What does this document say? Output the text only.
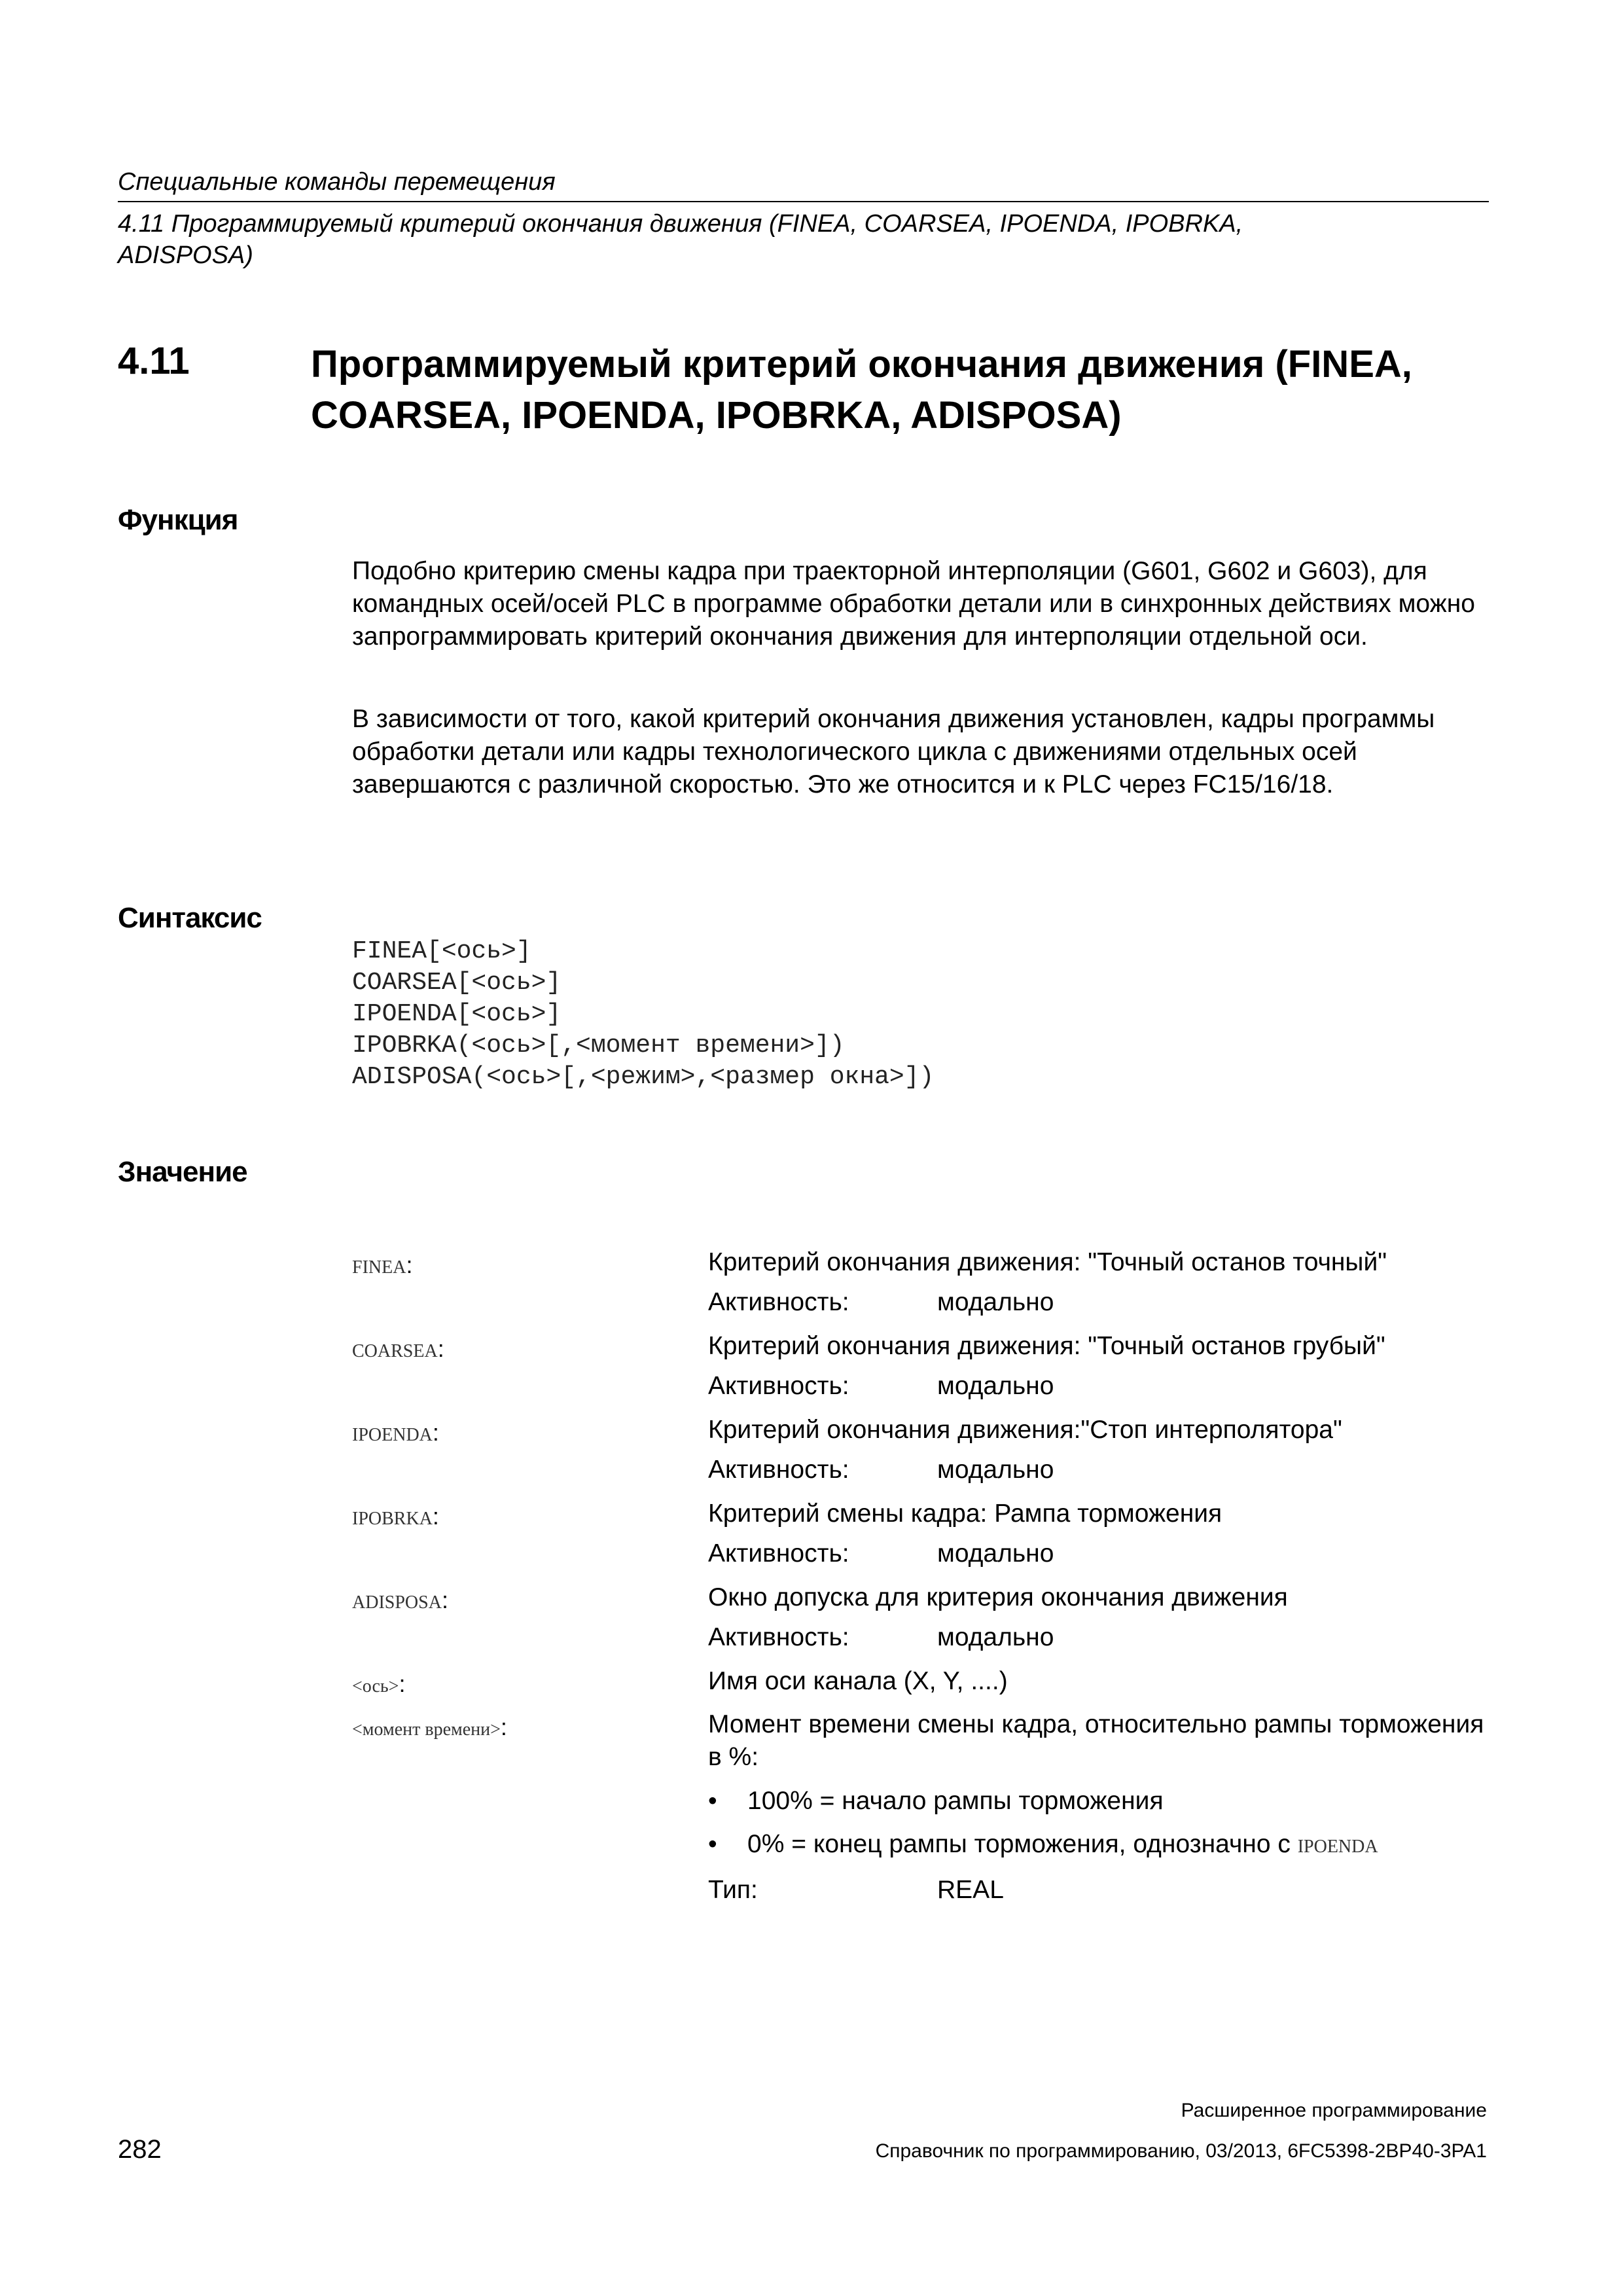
Специальные команды перемещения
4.11 Программируемый критерий окончания движения (FINEA, COARSEA, IPOENDA, IPOBRKA,
ADISPOSA)
4.11	Программируемый критерий окончания движения (FINEA,
COARSEA, IPOENDA, IPOBRKA, ADISPOSA)
Функция
Подобно критерию смены кадра при траекторной интерполяции (G601, G602 и G603), для командных осей/осей PLC в программе обработки детали или в синхронных действиях можно запрограммировать критерий окончания движения для интерполяции отдельной оси.
В зависимости от того, какой критерий окончания движения установлен, кадры программы обработки детали или кадры технологического цикла с движениями отдельных осей завершаются с различной скоростью. Это же относится и к PLC через FC15/16/18.
Синтаксис
FINEA[<ось>]
COARSEA[<ось>]
IPOENDA[<ось>]
IPOBRKA(<ось>[,<момент времени>])
ADISPOSA(<ось>[,<режим>,<размер окна>])
Значение
FINEA:	Критерий окончания движения: "Точный останов точный"
Активность:	модально
COARSEA:	Критерий окончания движения: "Точный останов грубый"
Активность:	модально
IPOENDA:	Критерий окончания движения:"Стоп интерполятора"
Активность:	модально
IPOBRKA:	Критерий смены кадра: Рампа торможения
Активность:	модально
ADISPOSA:	Окно допуска для критерия окончания движения
Активность:	модально
<ось>:	Имя оси канала (X, Y, ....)
<момент времени>:	Момент времени смены кадра, относительно рампы торможения в %:
• 100% = начало рампы торможения
• 0% = конец рампы торможения, однозначно с IPOENDA
Тип:	REAL
Расширенное программирование
Справочник по программированию, 03/2013, 6FC5398-2BP40-3PA1
282
